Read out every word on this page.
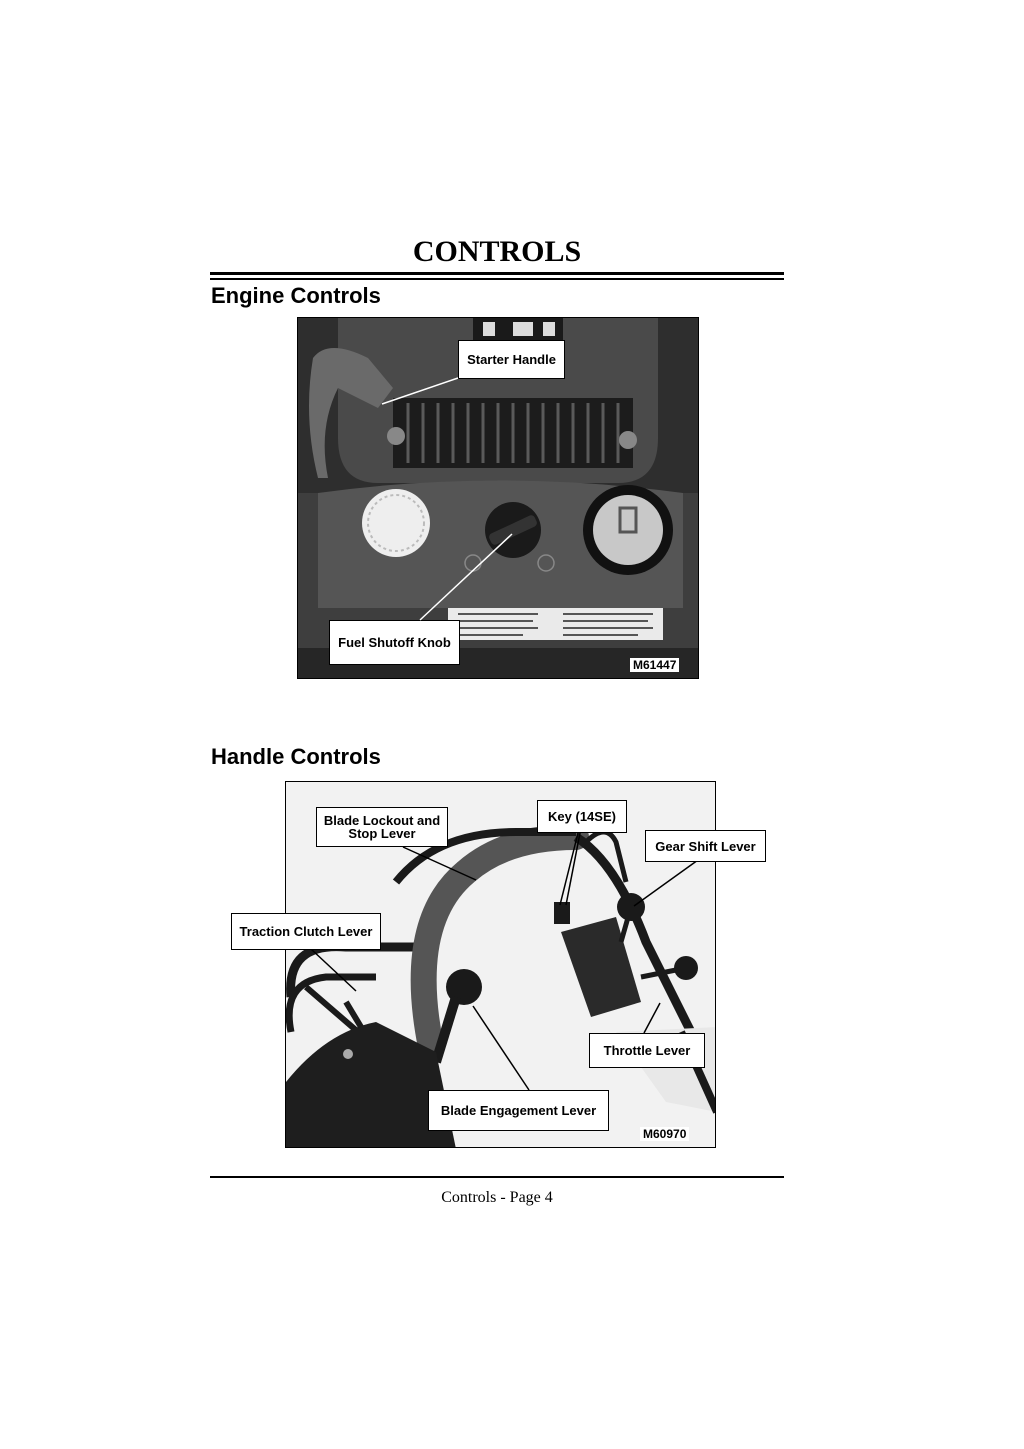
CONTROLS
Engine Controls
Starter Handle
Fuel Shutoff Knob
M61447
Handle Controls
Blade Lockout and Stop Lever
Key (14SE)
Gear Shift Lever
Traction Clutch Lever
Throttle Lever
Blade Engagement Lever
M60970
Controls - Page 4
